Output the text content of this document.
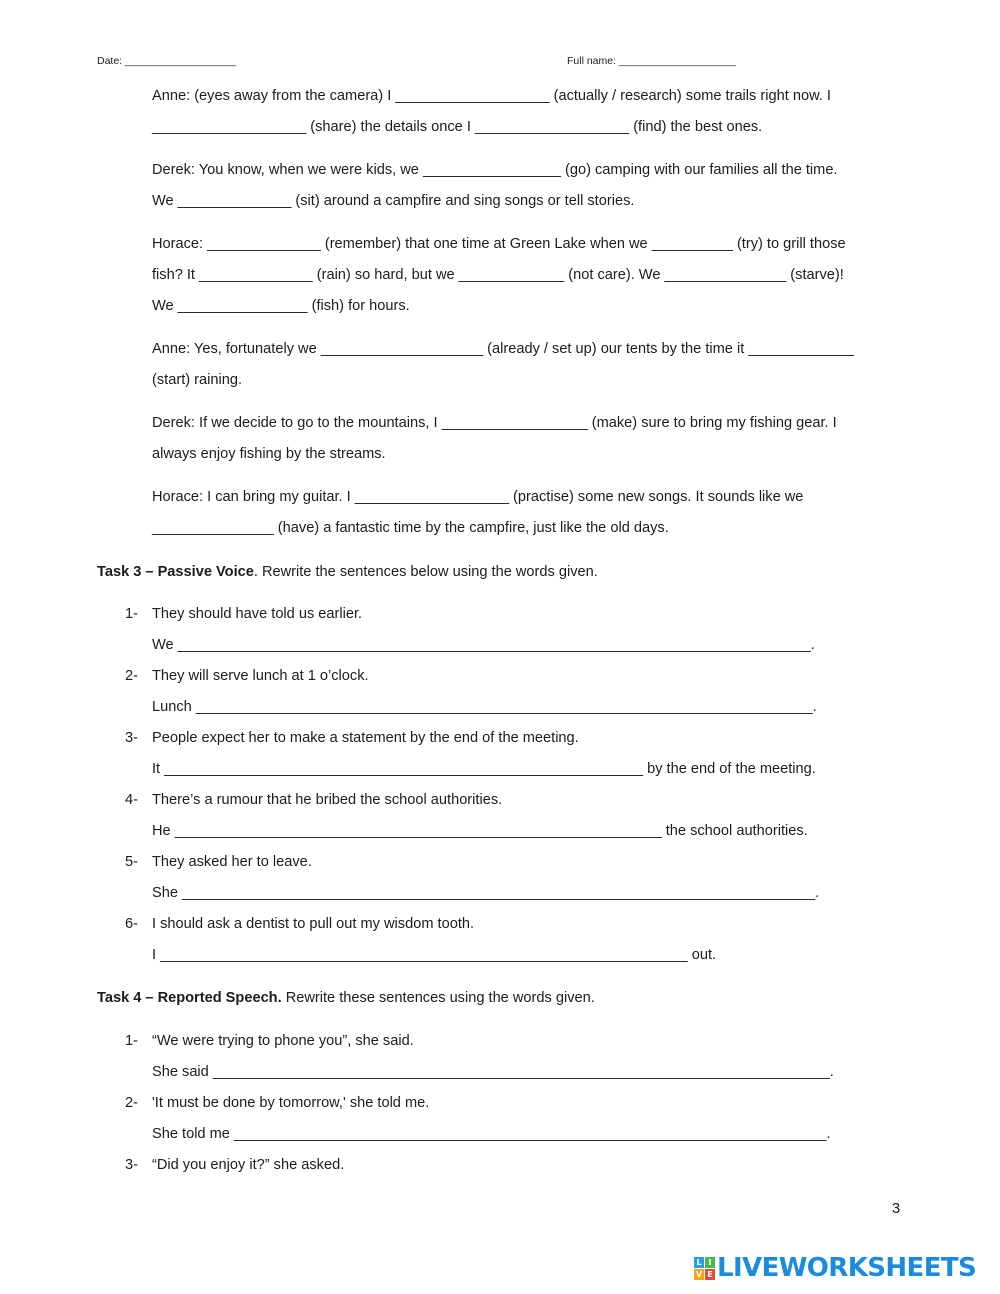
Date: ___________________	Full name: ____________________
Anne: (eyes away from the camera) I ___________________ (actually / research) some trails right now. I
___________________ (share) the details once I ___________________ (find) the best ones.
Derek: You know, when we were kids, we _________________ (go) camping with our families all the time.
We ______________ (sit) around a campfire and sing songs or tell stories.
Horace: ______________ (remember) that one time at Green Lake when we __________ (try) to grill those
fish? It ______________ (rain) so hard, but we _____________ (not care). We _______________ (starve)!
We ________________ (fish) for hours.
Anne: Yes, fortunately we ____________________ (already / set up) our tents by the time it _____________
(start) raining.
Derek: If we decide to go to the mountains, I __________________ (make) sure to bring my fishing gear. I
always enjoy fishing by the streams.
Horace: I can bring my guitar. I ___________________ (practise) some new songs. It sounds like we
_______________ (have) a fantastic time by the campfire, just like the old days.
Task 3 – Passive Voice. Rewrite the sentences below using the words given.
1- They should have told us earlier.
We ______________________________________________________________________________.
2- They will serve lunch at 1 o’clock.
Lunch ____________________________________________________________________________.
3- People expect her to make a statement by the end of the meeting.
It ___________________________________________________________ by the end of the meeting.
4- There’s a rumour that he bribed the school authorities.
He ____________________________________________________________ the school authorities.
5- They asked her to leave.
She ______________________________________________________________________________.
6- I should ask a dentist to pull out my wisdom tooth.
I _________________________________________________________________ out.
Task 4 – Reported Speech. Rewrite these sentences using the words given.
1- “We were trying to phone you”, she said.
She said ____________________________________________________________________________.
2- 'It must be done by tomorrow,' she told me.
She told me _________________________________________________________________________.
3- “Did you enjoy it?” she asked.
3
L I
V E LIVEWORKSHEETS
